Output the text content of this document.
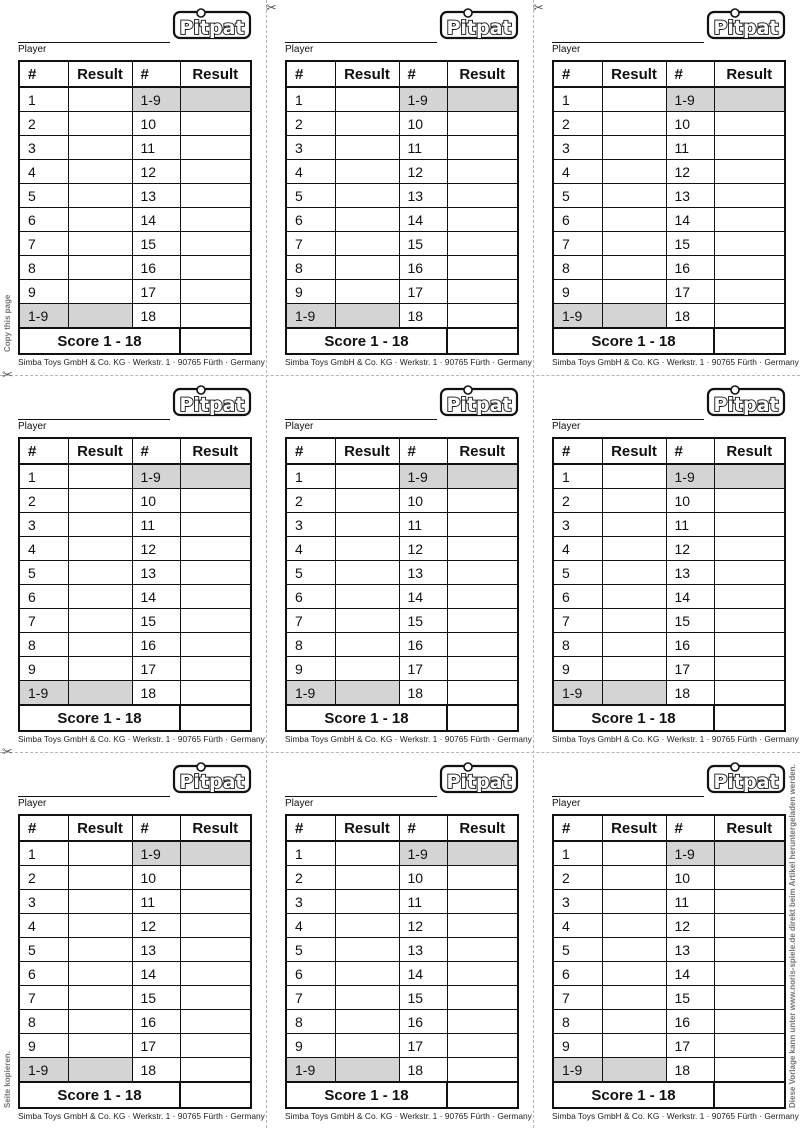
✂	✂
✂
✂
Copy this page
Seite kopieren.	Diese Vorlage kann unter www.noris-spiele.de direkt beim Artikel heruntergeladen werden.
Pitpat
Player
#	Result	#	Result
1		1-9	
2		10	
3		11	
4		12	
5		13	
6		14	
7		15	
8		16	
9		17	
1-9		18	
Score 1 - 18			
Simba Toys GmbH & Co. KG · Werkstr. 1 · 90765 Fürth · Germany
Pitpat
Player
#	Result	#	Result
1		1-9	
2		10	
3		11	
4		12	
5		13	
6		14	
7		15	
8		16	
9		17	
1-9		18	
Score 1 - 18			
Simba Toys GmbH & Co. KG · Werkstr. 1 · 90765 Fürth · Germany
Pitpat
Player
#	Result	#	Result
1		1-9	
2		10	
3		11	
4		12	
5		13	
6		14	
7		15	
8		16	
9		17	
1-9		18	
Score 1 - 18			
Simba Toys GmbH & Co. KG · Werkstr. 1 · 90765 Fürth · Germany
Pitpat
Player
#	Result	#	Result
1		1-9	
2		10	
3		11	
4		12	
5		13	
6		14	
7		15	
8		16	
9		17	
1-9		18	
Score 1 - 18			
Simba Toys GmbH & Co. KG · Werkstr. 1 · 90765 Fürth · Germany
Pitpat
Player
#	Result	#	Result
1		1-9	
2		10	
3		11	
4		12	
5		13	
6		14	
7		15	
8		16	
9		17	
1-9		18	
Score 1 - 18			
Simba Toys GmbH & Co. KG · Werkstr. 1 · 90765 Fürth · Germany
Pitpat
Player
#	Result	#	Result
1		1-9	
2		10	
3		11	
4		12	
5		13	
6		14	
7		15	
8		16	
9		17	
1-9		18	
Score 1 - 18			
Simba Toys GmbH & Co. KG · Werkstr. 1 · 90765 Fürth · Germany
Pitpat
Player
#	Result	#	Result
1		1-9	
2		10	
3		11	
4		12	
5		13	
6		14	
7		15	
8		16	
9		17	
1-9		18	
Score 1 - 18			
Simba Toys GmbH & Co. KG · Werkstr. 1 · 90765 Fürth · Germany
Pitpat
Player
#	Result	#	Result
1		1-9	
2		10	
3		11	
4		12	
5		13	
6		14	
7		15	
8		16	
9		17	
1-9		18	
Score 1 - 18			
Simba Toys GmbH & Co. KG · Werkstr. 1 · 90765 Fürth · Germany
Pitpat
Player
#	Result	#	Result
1		1-9	
2		10	
3		11	
4		12	
5		13	
6		14	
7		15	
8		16	
9		17	
1-9		18	
Score 1 - 18			
Simba Toys GmbH & Co. KG · Werkstr. 1 · 90765 Fürth · Germany
